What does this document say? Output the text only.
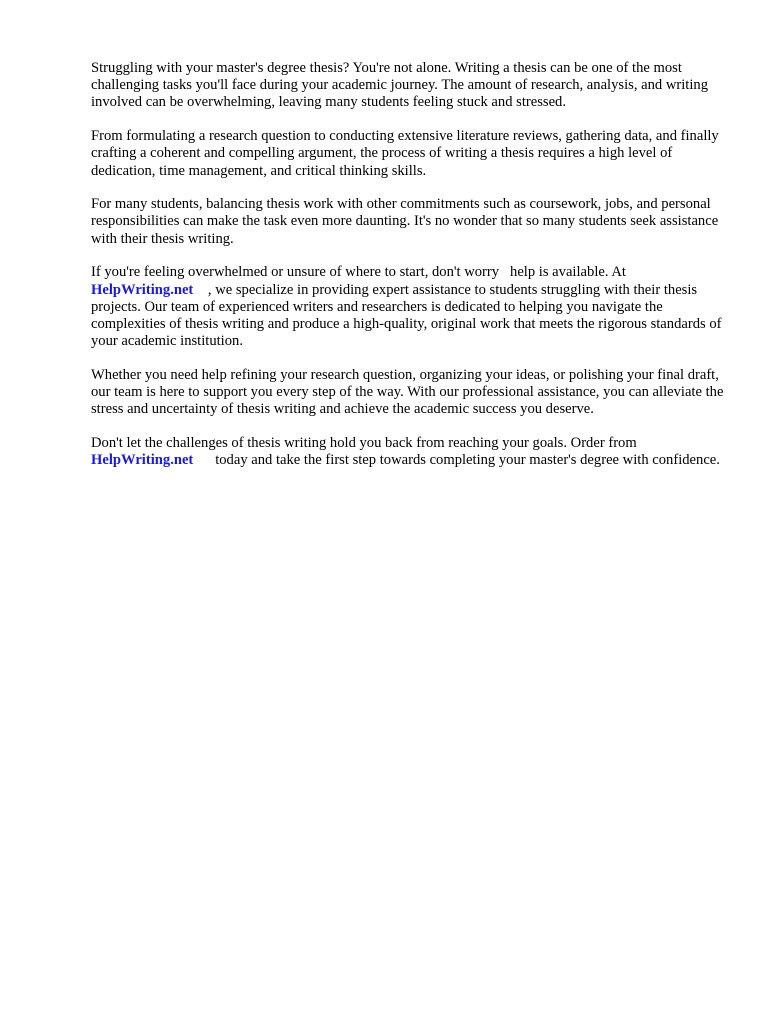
Struggling with your master's degree thesis? You're not alone. Writing a thesis can be one of the most challenging tasks you'll face during your academic journey. The amount of research, analysis, and writing involved can be overwhelming, leaving many students feeling stuck and stressed.

From formulating a research question to conducting extensive literature reviews, gathering data, and finally crafting a coherent and compelling argument, the process of writing a thesis requires a high level of dedication, time management, and critical thinking skills.

For many students, balancing thesis work with other commitments such as coursework, jobs, and personal responsibilities can make the task even more daunting. It's no wonder that so many students seek assistance with their thesis writing.

If you're feeling overwhelmed or unsure of where to start, don't worry   help is available. At
HelpWriting.net    , we specialize in providing expert assistance to students struggling with their thesis projects. Our team of experienced writers and researchers is dedicated to helping you navigate the complexities of thesis writing and produce a high-quality, original work that meets the rigorous standards of your academic institution.

Whether you need help refining your research question, organizing your ideas, or polishing your final draft, our team is here to support you every step of the way. With our professional assistance, you can alleviate the stress and uncertainty of thesis writing and achieve the academic success you deserve.

Don't let the challenges of thesis writing hold you back from reaching your goals. Order from
HelpWriting.net      today and take the first step towards completing your master's degree with confidence.
